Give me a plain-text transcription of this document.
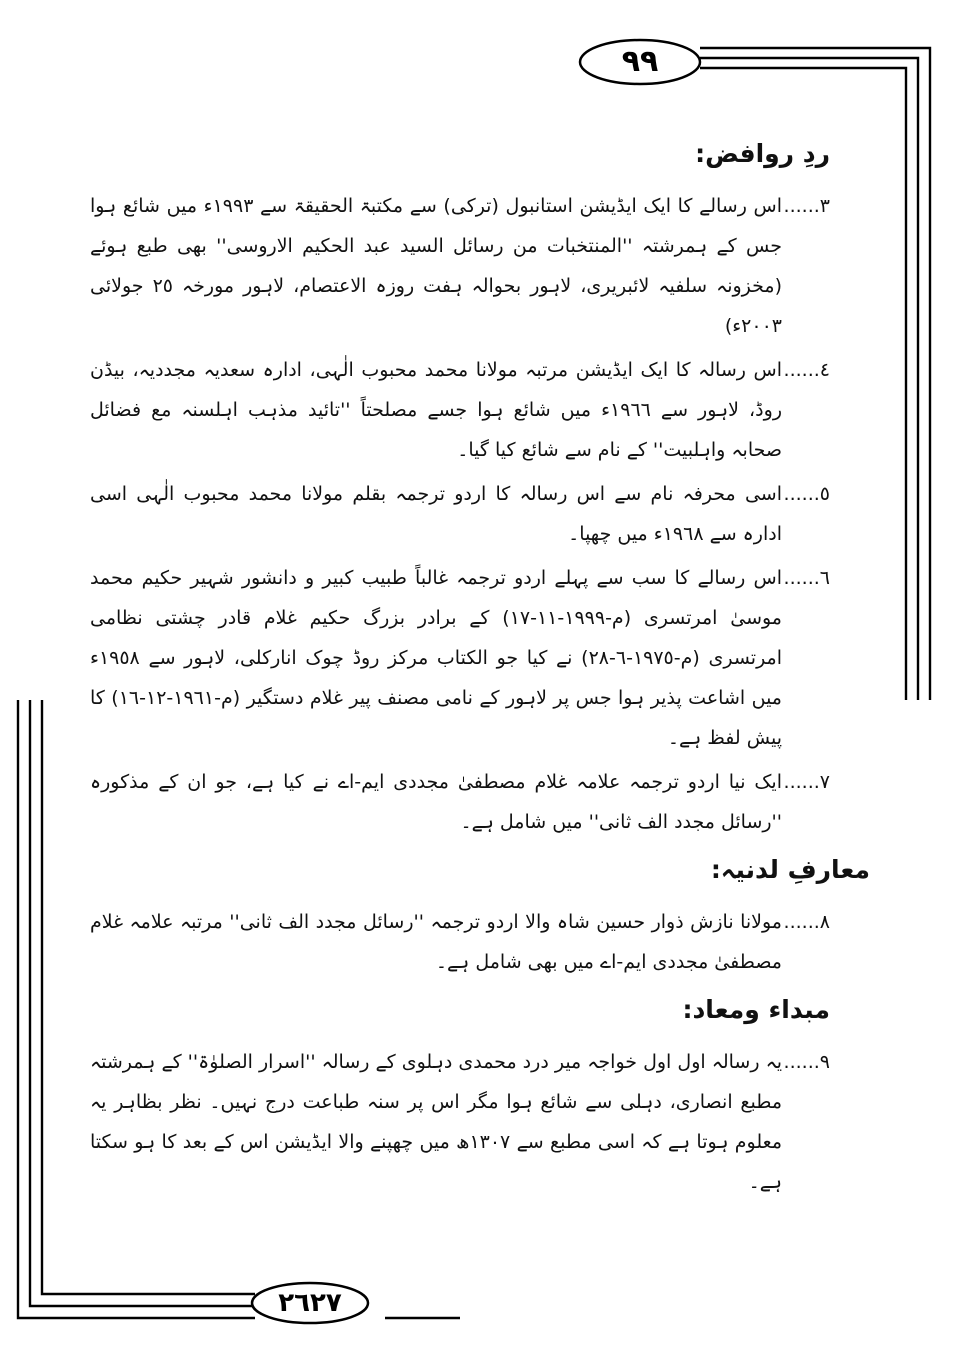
٩٩
٢٦٢٧
ردِ روافض:
٣......
اس رسالے کا ایک ایڈیشن استانبول (ترکی) سے مکتبۃ الحقیقۃ سے ١٩٩٣ء میں شائع ہوا جس کے ہمرشتہ ''المنتخبات من رسائل السید عبد الحکیم الاروسی'' بھی طبع ہوئے (مخزونہ سلفیہ لائبریری، لاہور بحوالہ ہفت روزہ الاعتصام، لاہور مورخہ ٢٥ جولائی ٢٠٠٣ء)
٤......
اس رسالہ کا ایک ایڈیشن مرتبہ مولانا محمد محبوب الٰہی، ادارہ سعدیہ مجددیہ، بیڈن روڈ، لاہور سے ١٩٦٦ء میں شائع ہوا جسے مصلحتاً ''تائید مذہب اہلسنہ مع فضائل صحابہ واہلبیت'' کے نام سے شائع کیا گیا۔
٥......
اسی محرفہ نام سے اس رسالہ کا اردو ترجمہ بقلم مولانا محمد محبوب الٰہی اسی ادارہ سے ١٩٦٨ء میں چھپا۔
٦......
اس رسالے کا سب سے پہلے اردو ترجمہ غالباً طبیب کبیر و دانشور شہیر حکیم محمد موسیٰ امرتسری (م-١٩٩٩-١١-١٧) کے برادر بزرگ حکیم غلام قادر چشتی نظامی امرتسری (م-١٩٧٥-٦-٢٨) نے کیا جو الکتاب مرکز روڈ چوک انارکلی، لاہور سے ١٩٥٨ء میں اشاعت پذیر ہوا جس پر لاہور کے نامی مصنف پیر غلام دستگیر (م-١٩٦١-١٢-١٦) کا پیش لفظ ہے۔
٧......
ایک نیا اردو ترجمہ علامہ غلام مصطفیٰ مجددی ایم-اے نے کیا ہے، جو ان کے مذکورہ ''رسائل مجدد الف ثانی'' میں شامل ہے۔
معارفِ لدنیہ:
٨......
مولانا نازش ذوار حسین شاہ والا اردو ترجمہ ''رسائل مجدد الف ثانی'' مرتبہ علامہ غلام مصطفیٰ مجددی ایم-اے میں بھی شامل ہے۔
مبداء ومعاد:
٩......
یہ رسالہ اول اول خواجہ میر درد محمدی دہلوی کے رسالہ ''اسرار الصلوٰۃ'' کے ہمرشتہ مطبع انصاری، دہلی سے شائع ہوا مگر اس پر سنہ طباعت درج نہیں۔ نظر بظاہر یہ معلوم ہوتا ہے کہ اسی مطبع سے ١٣٠٧ھ میں چھپنے والا ایڈیشن اس کے بعد کا ہو سکتا ہے۔
